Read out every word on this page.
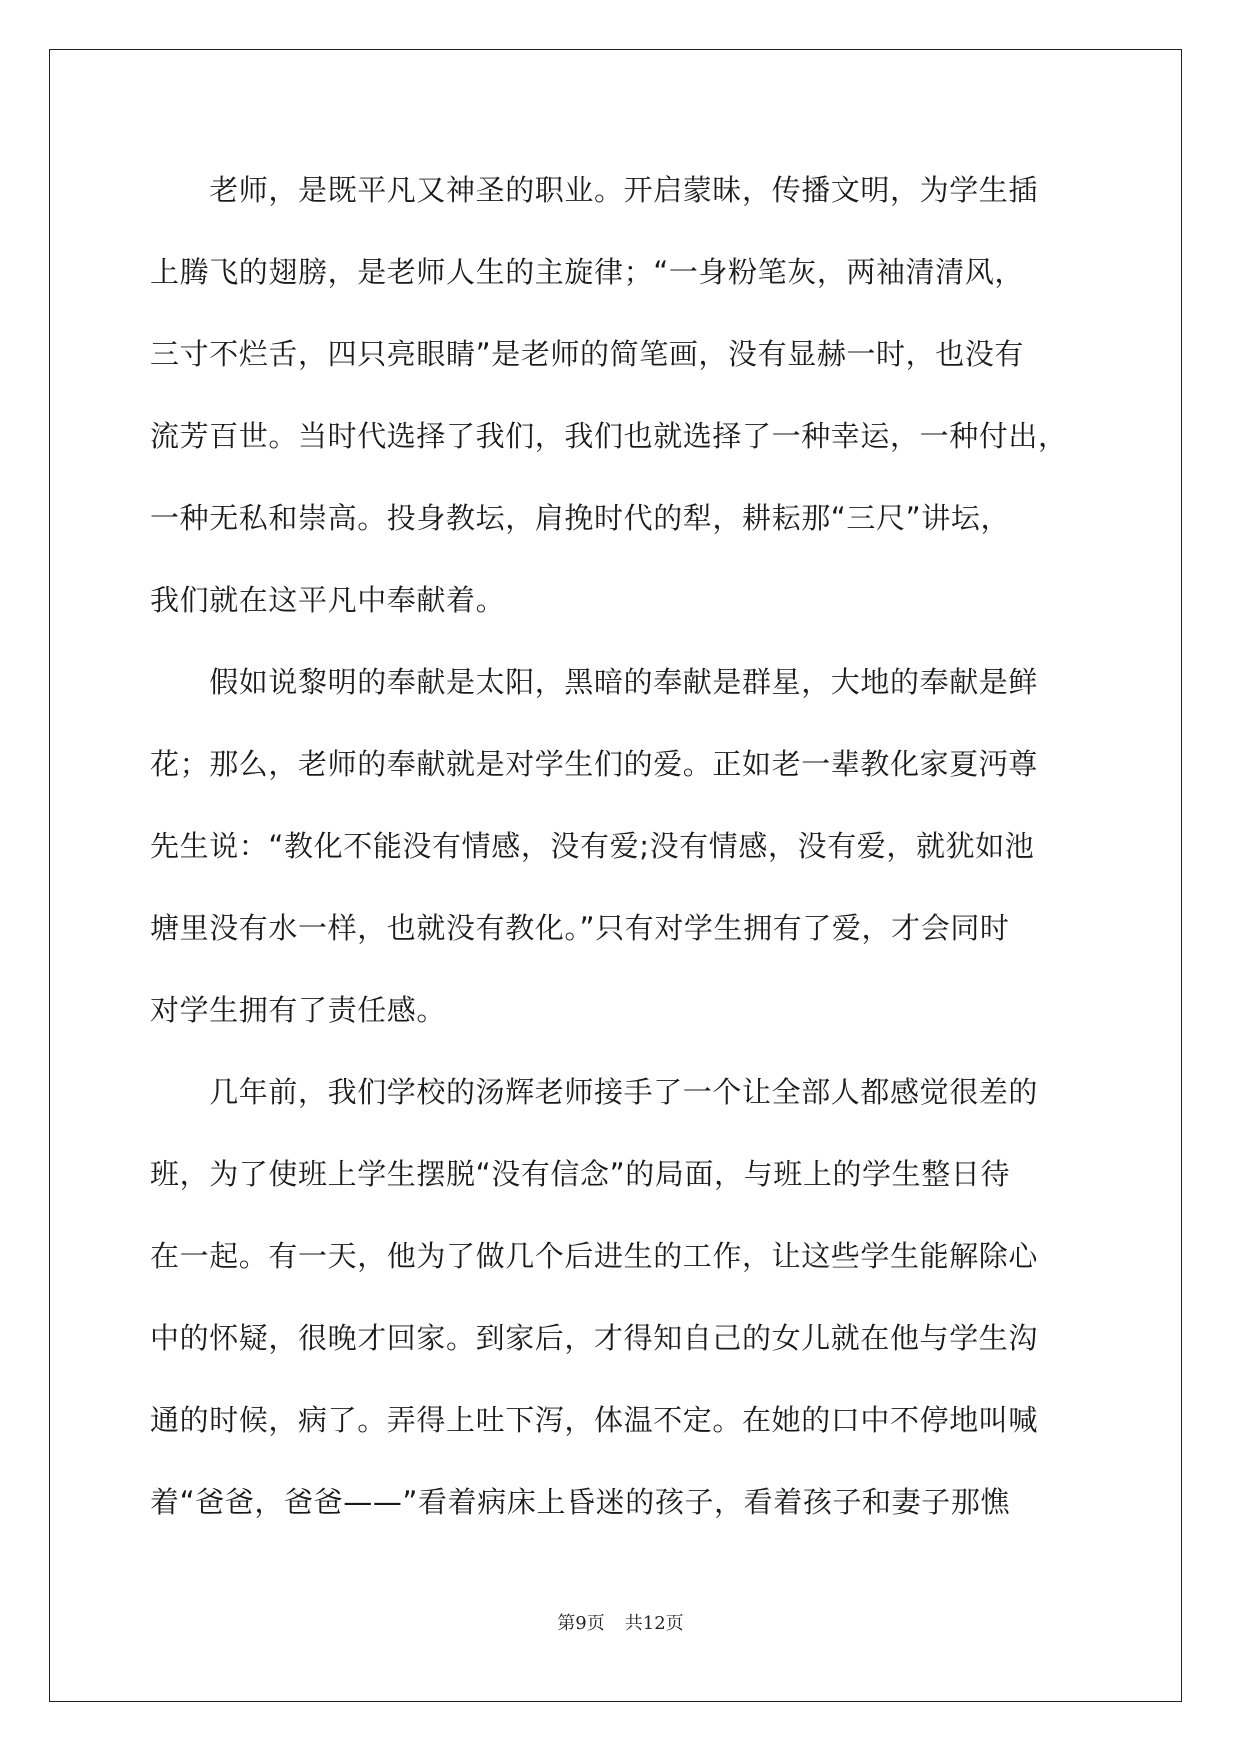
　　老师，是既平凡又神圣的职业。开启蒙昧，传播文明，为学生插
上腾飞的翅膀，是老师人生的主旋律；“一身粉笔灰，两袖清清风，
三寸不烂舌，四只亮眼睛”是老师的简笔画，没有显赫一时，也没有
流芳百世。当时代选择了我们，我们也就选择了一种幸运，一种付出，
一种无私和崇高。投身教坛，肩挽时代的犁，耕耘那“三尺”讲坛，
我们就在这平凡中奉献着。
　　假如说黎明的奉献是太阳，黑暗的奉献是群星，大地的奉献是鲜
花；那么，老师的奉献就是对学生们的爱。正如老一辈教化家夏沔尊
先生说：“教化不能没有情感，没有爱;没有情感，没有爱，就犹如池
塘里没有水一样，也就没有教化。”只有对学生拥有了爱，才会同时
对学生拥有了责任感。
　　几年前，我们学校的汤辉老师接手了一个让全部人都感觉很差的
班，为了使班上学生摆脱“没有信念”的局面，与班上的学生整日待
在一起。有一天，他为了做几个后进生的工作，让这些学生能解除心
中的怀疑，很晚才回家。到家后，才得知自己的女儿就在他与学生沟
通的时候，病了。弄得上吐下泻，体温不定。在她的口中不停地叫喊
着“爸爸，爸爸——”看着病床上昏迷的孩子，看着孩子和妻子那憔
第9页 共12页
